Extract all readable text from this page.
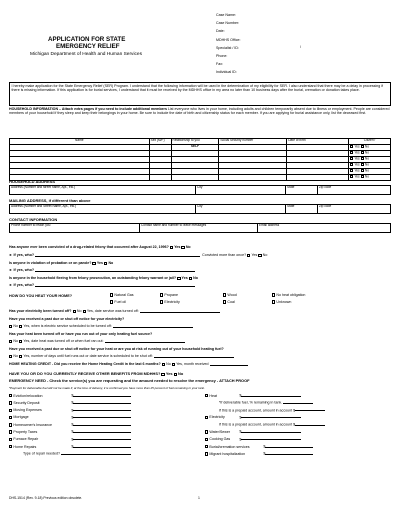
APPLICATION FOR STATE
EMERGENCY RELIEF
Michigan Department of Health and Human Services
Case Name:
Case Number:
Date:
MDHHS Office:
Specialist / ID:
Phone:
Fax:
Individual ID:
/
I hereby make application for the State Emergency Relief (SER) Program. I understand that the following information will be used in the determination of my eligibility for SER. I also understand that there may be a delay in processing if there is missing information. If this application is for burial services, I understand that it must be received by the MDHHS office in my area no later than 10 business days after the burial, cremation or donation takes place.
HOUSEHOLD INFORMATION – Attach extra pages if you need to include additional members List everyone who lives in your home, including adults and children temporarily absent due to illness or employment. People are considered members of your household if they sleep and keep their belongings in your home. Be sure to include the date of birth and citizenship status for each member. If you are applying for burial assistance only, list the deceased first.
Name	Sex (M/F)	Relationship to you	Social Security number	Date of birth	Citizen?
		SELF			Yes No
					Yes No
					Yes No
					Yes No
					Yes No
					Yes No
HOUSEHOLD ADDRESS
Address (Number and street name, Apt., etc.)	City	State	Zip code
MAILING ADDRESS, if different than above
Address (Number and Street Name, Apt., etc.)	City	State	Zip code
CONTACT INFORMATION
Phone number to reach you	Contact name and number to leave messages	Email address
Has anyone ever been convicted of a drug-related felony that occurred after August 22, 1996?
Yes
No
► If yes, who?

	Convicted more than once?
Yes
No
Is anyone in violation of probation or on parole?
Yes
No
► If yes, who?

Is anyone in the household fleeing from felony prosecution, an outstanding felony warrant or jail?
Yes
No
► If yes, who?

HOW DO YOU HEAT YOUR HOME?	Natural Gas	Propane	Wood	No heat obligation
Fuel oil	Electricity	Coal	Unknown
Has your electricity been turned off?
No
Yes, date service was turned off:

Have you received a past due or shut off notice for your electricity?
No
Yes, when is electric service scheduled to be turned off:

Has your heat been turned off or have you run out of your only heating fuel source?
No
Yes, date heat was turned off or when fuel ran out:

Have you received a past due or shut off notice for your heat or are you at risk of running out of your household heating fuel?
No
Yes, number of days until fuel runs out or date service is scheduled to be shut off:

HOME HEATING CREDIT - Did you receive the Home Heating Credit in the last 6 months?
No
Yes, month received

HAVE YOU OR DO YOU CURRENTLY RECEIVE OTHER BENEFITS FROM MDHHS?
Yes
No
EMERGENCY NEED - Check the service(s) you are requesting and the amount needed to resolve the emergency - ATTACH PROOF
*Payment for deliverable fuel will not be made if, at the time of delivery, it is confirmed you have more than 25 percent of fuel remaining in your tank.
Eviction/relocation	$
Security Deposit	$
Moving Expenses	$
Mortgage	$
Homeowner's Insurance	$
Property Taxes	$
Furnace Repair	$
Home Repairs	$
Type of repair needed?
Heat	$
*If deliverable fuel, % remaining in tank.
If this is a prepaid account, amount in account $
Electricity	$
If this is a prepaid account, amount in account $
Water/Sewer	$
Cooking Gas	$
Burial/cremation services	$
Migrant hospitalization	$
DHS-1514 (Rev. 9-18) Previous edition obsolete.	1
